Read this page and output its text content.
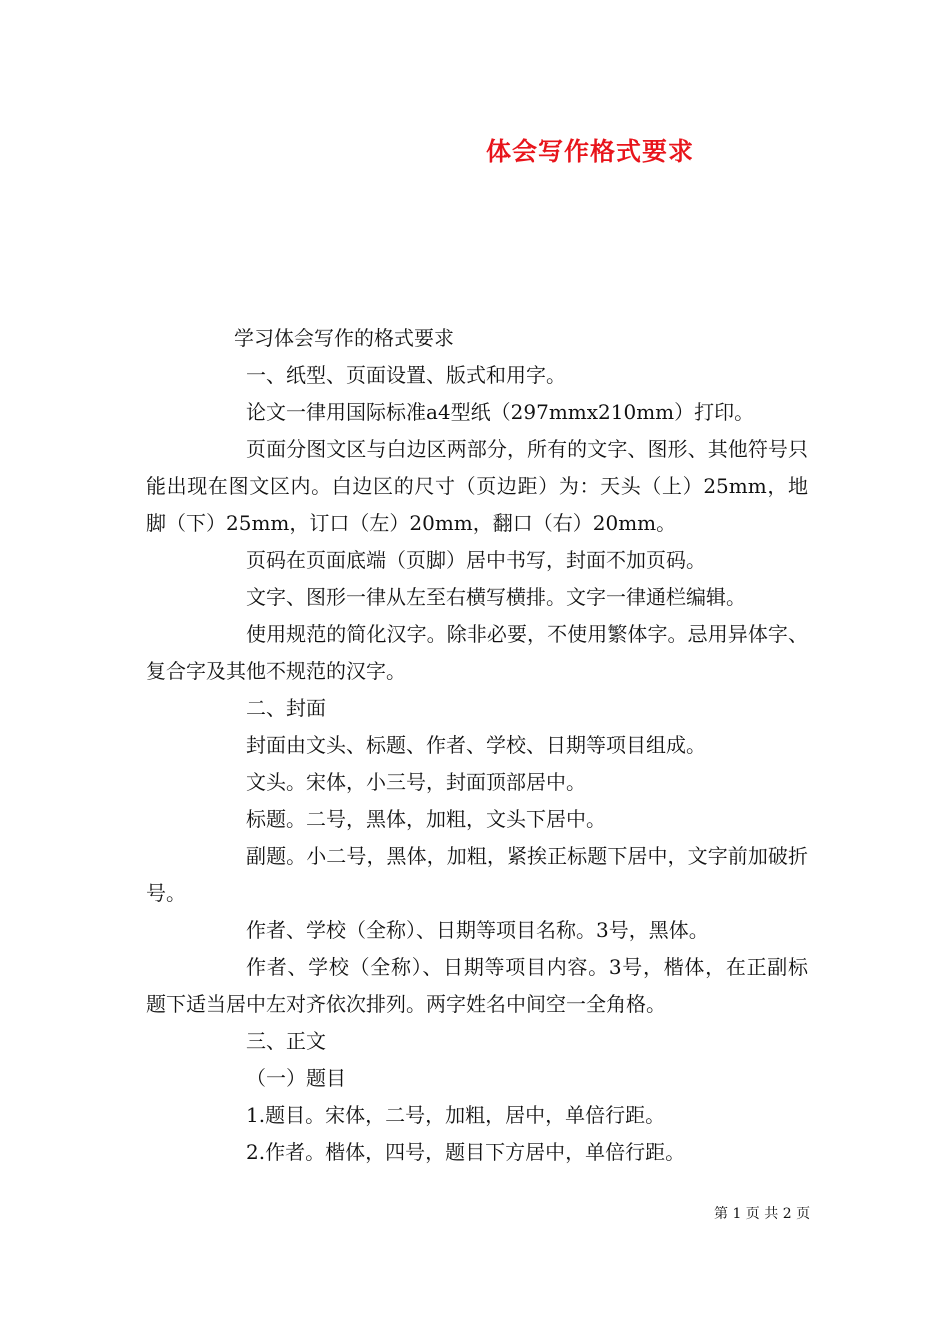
体会写作格式要求

学习体会写作的格式要求

一、纸型、页面设置、版式和用字。

论文一律用国际标准a4型纸（297mmx210mm）打印。

页面分图文区与白边区两部分，所有的文字、图形、其他符号只能出现在图文区内。白边区的尺寸（页边距）为：天头（上）25mm，地脚（下）25mm，订口（左）20mm，翻口（右）20mm。

页码在页面底端（页脚）居中书写，封面不加页码。

文字、图形一律从左至右横写横排。文字一律通栏编辑。

使用规范的简化汉字。除非必要，不使用繁体字。忌用异体字、复合字及其他不规范的汉字。

二、封面

封面由文头、标题、作者、学校、日期等项目组成。

文头。宋体，小三号，封面顶部居中。

标题。二号，黑体，加粗，文头下居中。

副题。小二号，黑体，加粗，紧挨正标题下居中，文字前加破折号。

作者、学校（全称）、日期等项目名称。3号，黑体。

作者、学校（全称）、日期等项目内容。3号，楷体，在正副标题下适当居中左对齐依次排列。两字姓名中间空一全角格。

三、正文

（一）题目

1.题目。宋体，二号，加粗，居中，单倍行距。

2.作者。楷体，四号，题目下方居中，单倍行距。

第 1 页 共 2 页
